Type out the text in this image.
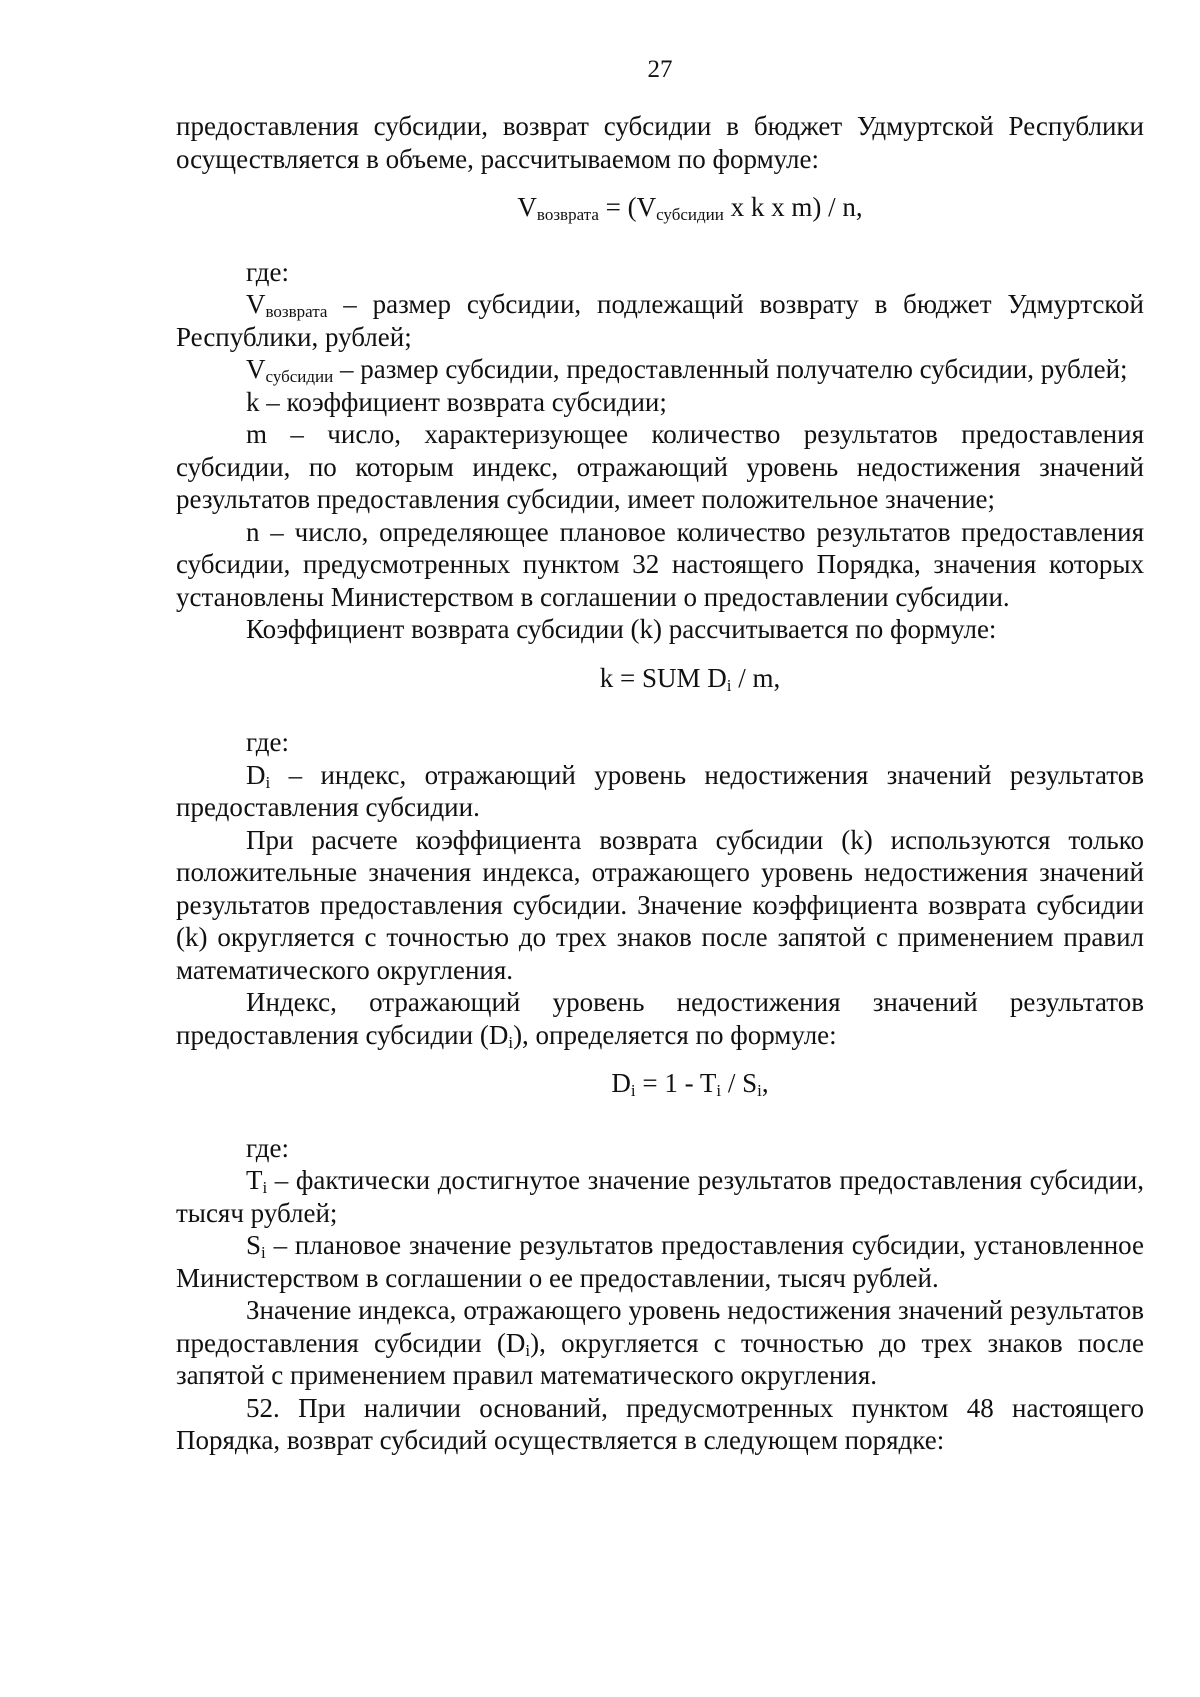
27

предоставления субсидии, возврат субсидии в бюджет Удмуртской Республики осуществляется в объеме, рассчитываемом по формуле:

$V_{возврата} = (V_{субсидии}$ x k x m) / n,

где:

$V_{возврата}$ – размер субсидии, подлежащий возврату в бюджет Удмуртской Республики, рублей;

$V_{субсидии}$ – размер субсидии, предоставленный получателю субсидии, рублей;

k – коэффициент возврата субсидии;

m – число, характеризующее количество результатов предоставления субсидии, по которым индекс, отражающий уровень недостижения значений результатов предоставления субсидии, имеет положительное значение;

n – число, определяющее плановое количество результатов предоставления субсидии, предусмотренных пунктом 32 настоящего Порядка, значения которых установлены Министерством в соглашении о предоставлении субсидии.

Коэффициент возврата субсидии (k) рассчитывается по формуле:

k = SUM $D_i$ / m,

где:

$D_i$ – индекс, отражающий уровень недостижения значений результатов предоставления субсидии.

При расчете коэффициента возврата субсидии (k) используются только положительные значения индекса, отражающего уровень недостижения значений результатов предоставления субсидии. Значение коэффициента возврата субсидии (k) округляется с точностью до трех знаков после запятой с применением правил математического округления.

Индекс, отражающий уровень недостижения значений результатов предоставления субсидии $(D_i)$, определяется по формуле:

$D_i = 1 - T_i / S_i$,

где:

$T_i$ – фактически достигнутое значение результатов предоставления субсидии, тысяч рублей;

$S_i$ – плановое значение результатов предоставления субсидии, установленное Министерством в соглашении о ее предоставлении, тысяч рублей.

Значение индекса, отражающего уровень недостижения значений результатов предоставления субсидии $(D_i)$, округляется с точностью до трех знаков после запятой с применением правил математического округления.

52. При наличии оснований, предусмотренных пунктом 48 настоящего Порядка, возврат субсидий осуществляется в следующем порядке:
